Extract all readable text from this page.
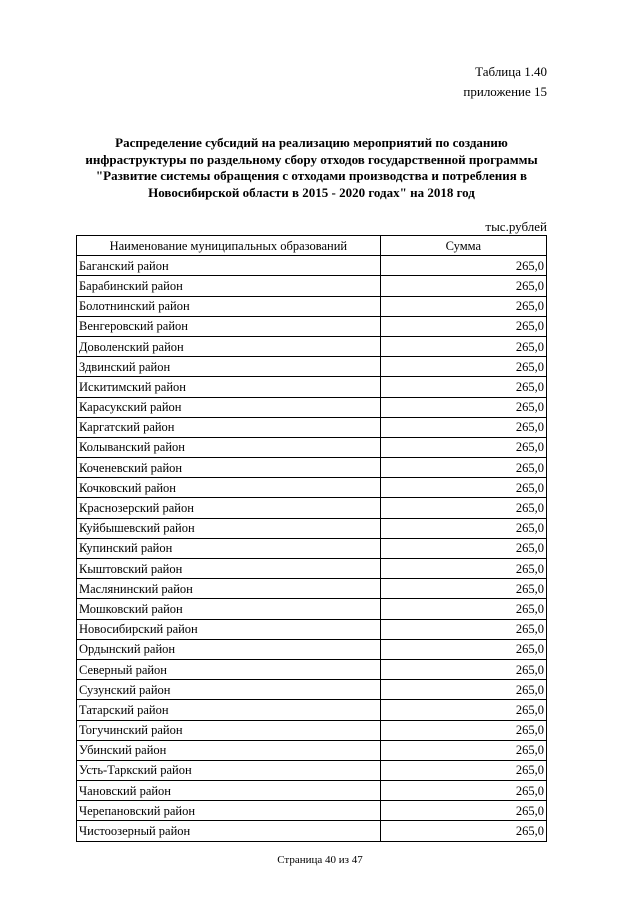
Таблица 1.40
приложение 15
Распределение субсидий на реализацию мероприятий по созданию
инфраструктуры по раздельному сбору отходов государственной программы
"Развитие системы обращения с отходами производства и потребления в
Новосибирской области в 2015 - 2020 годах" на 2018 год
тыс.рублей
Наименование муниципальных образований	Сумма
Баганский район	265,0
Барабинский район	265,0
Болотнинский район	265,0
Венгеровский район	265,0
Доволенский район	265,0
Здвинский район	265,0
Искитимский район	265,0
Карасукский район	265,0
Каргатский район	265,0
Колыванский район	265,0
Коченевский район	265,0
Кочковский район	265,0
Краснозерский район	265,0
Куйбышевский район	265,0
Купинский район	265,0
Кыштовский район	265,0
Маслянинский район	265,0
Мошковский район	265,0
Новосибирский район	265,0
Ордынский район	265,0
Северный район	265,0
Сузунский район	265,0
Татарский район	265,0
Тогучинский район	265,0
Убинский район	265,0
Усть-Таркский район	265,0
Чановский район	265,0
Черепановский район	265,0
Чистоозерный район	265,0
Страница 40 из 47
